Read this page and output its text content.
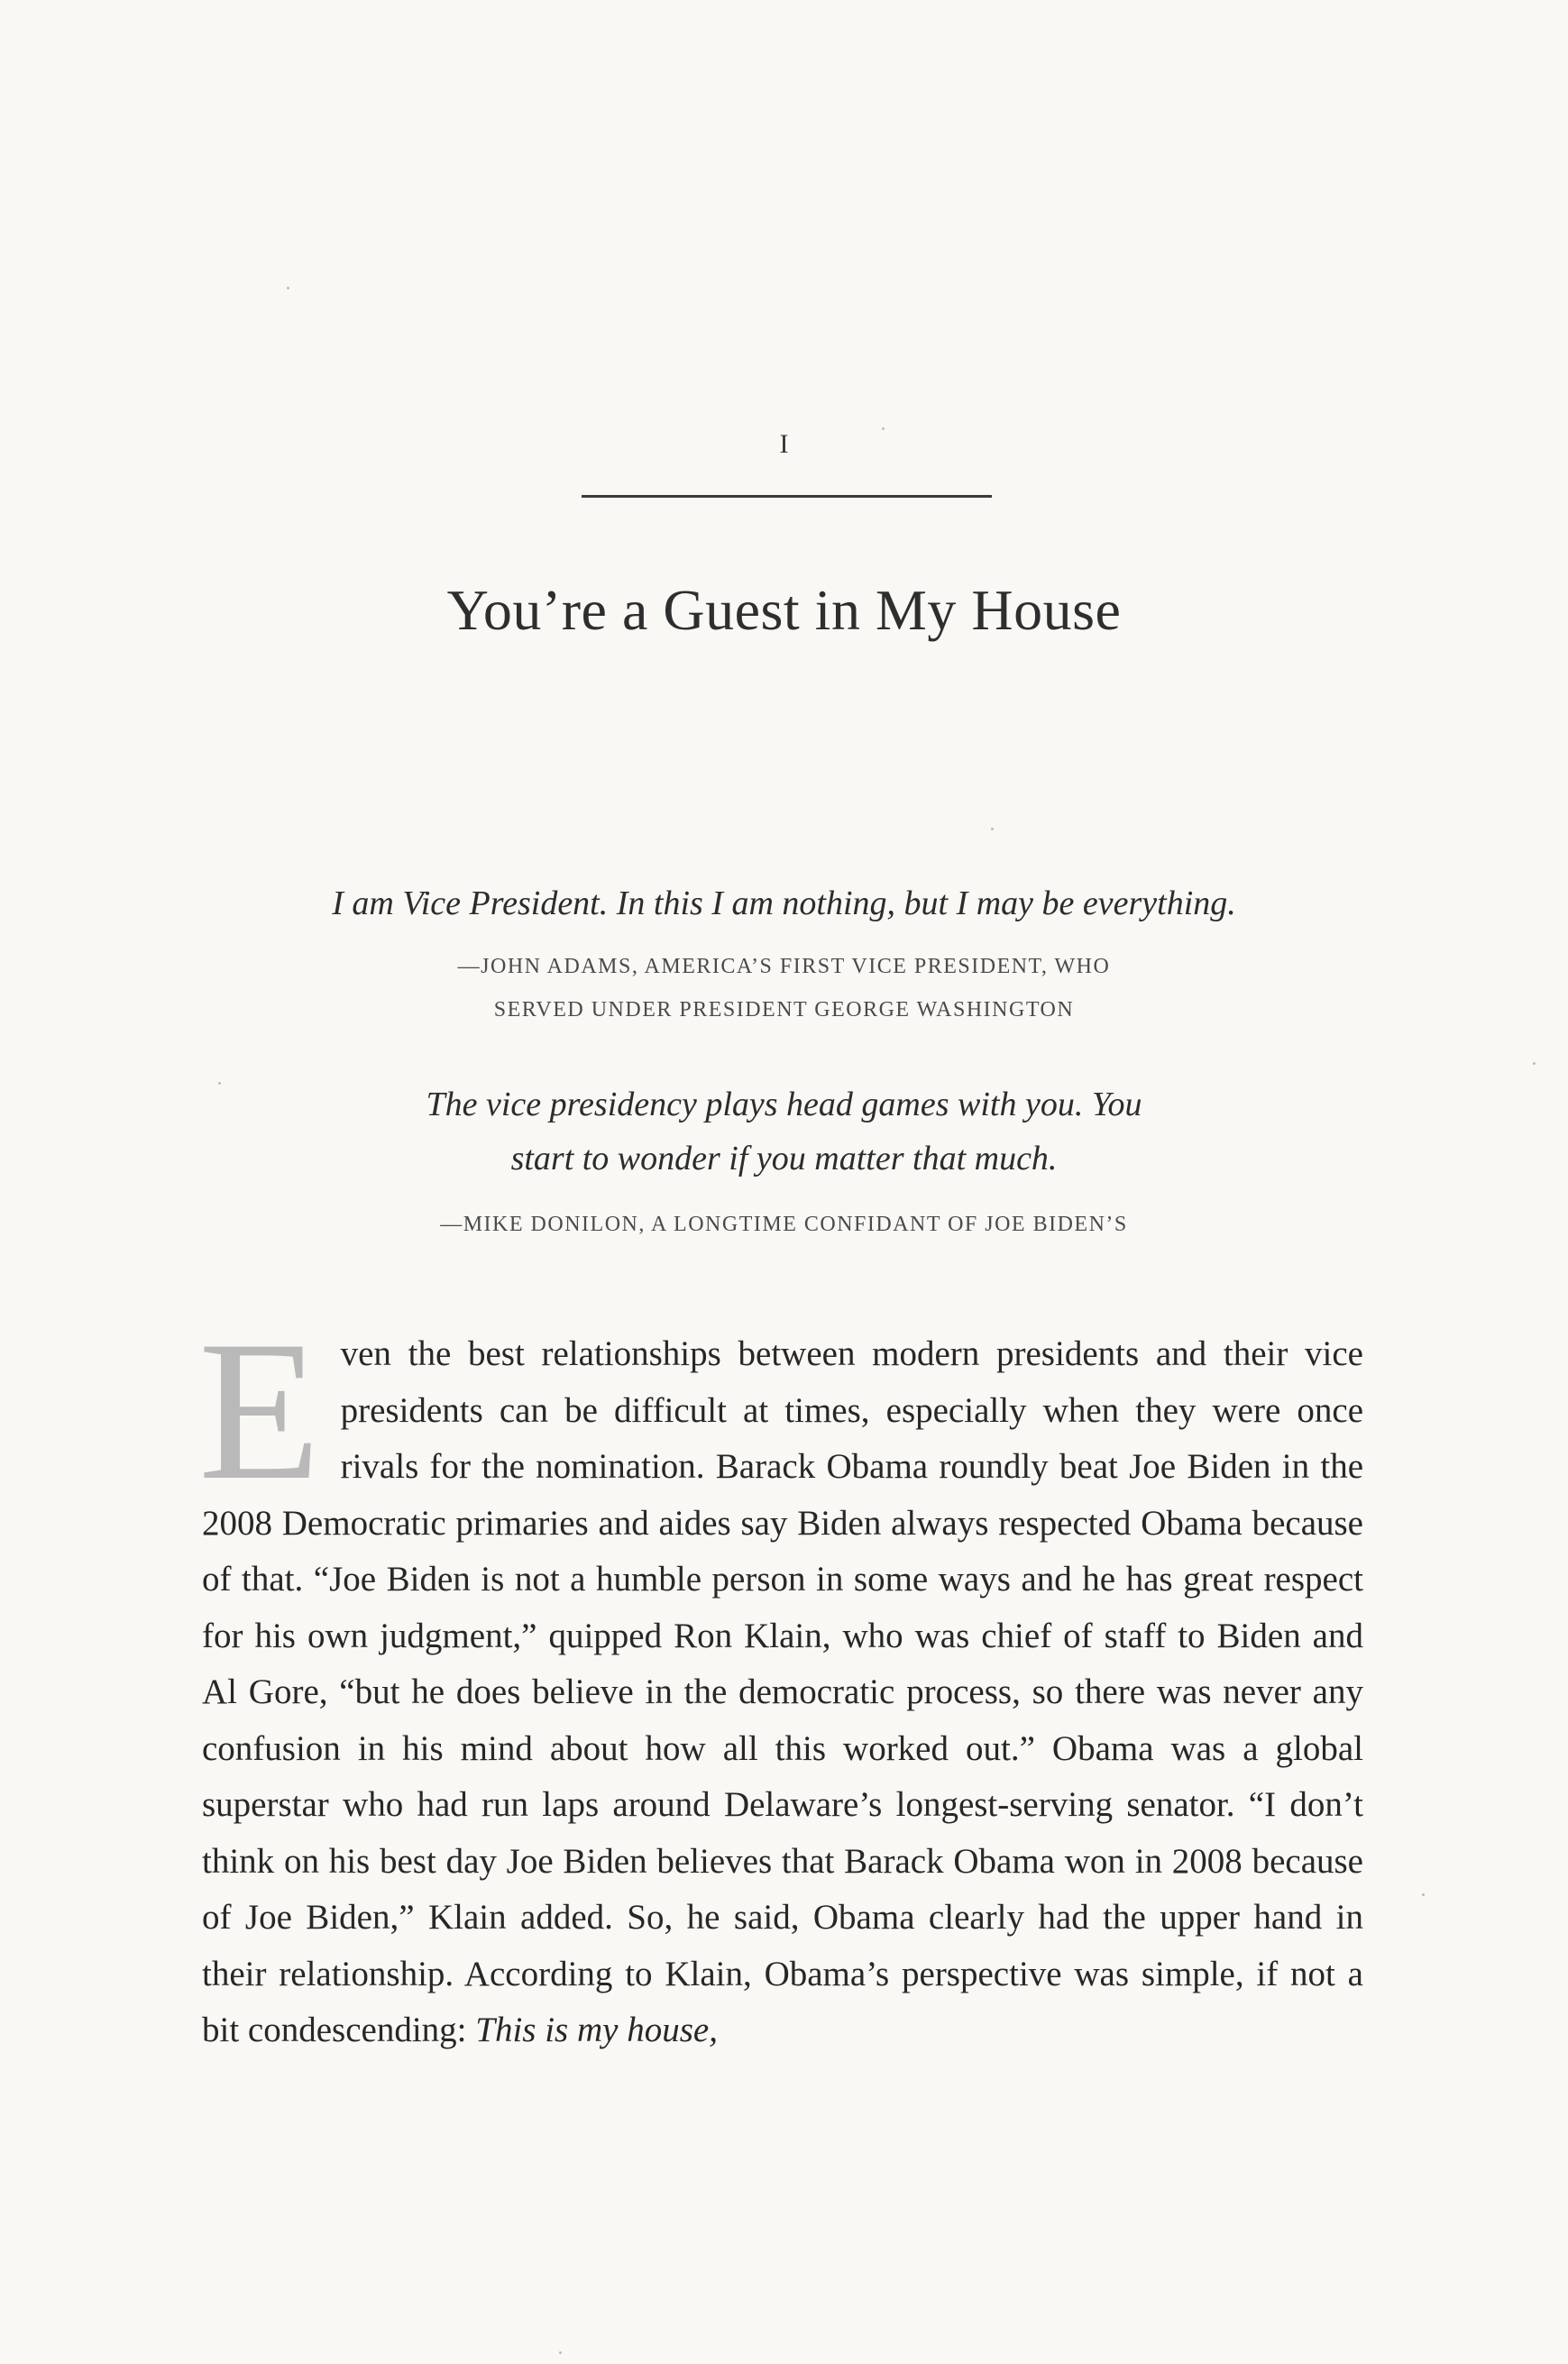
I
You’re a Guest in My House
I am Vice President. In this I am nothing, but I may be everything.
—JOHN ADAMS, AMERICA’S FIRST VICE PRESIDENT, WHO
SERVED UNDER PRESIDENT GEORGE WASHINGTON
The vice presidency plays head games with you. You
start to wonder if you matter that much.
—MIKE DONILON, A LONGTIME CONFIDANT OF JOE BIDEN’S
Even the best relationships between modern presidents and their vice presidents can be difficult at times, especially when they were once rivals for the nomination. Barack Obama roundly beat Joe Biden in the 2008 Democratic primaries and aides say Biden always respected Obama because of that. “Joe Biden is not a humble person in some ways and he has great respect for his own judgment,” quipped Ron Klain, who was chief of staff to Biden and Al Gore, “but he does believe in the democratic process, so there was never any confusion in his mind about how all this worked out.” Obama was a global superstar who had run laps around Delaware’s longest-serving senator. “I don’t think on his best day Joe Biden believes that Barack Obama won in 2008 because of Joe Biden,” Klain added. So, he said, Obama clearly had the upper hand in their relationship. According to Klain, Obama’s perspective was simple, if not a bit condescending: This is my house,
